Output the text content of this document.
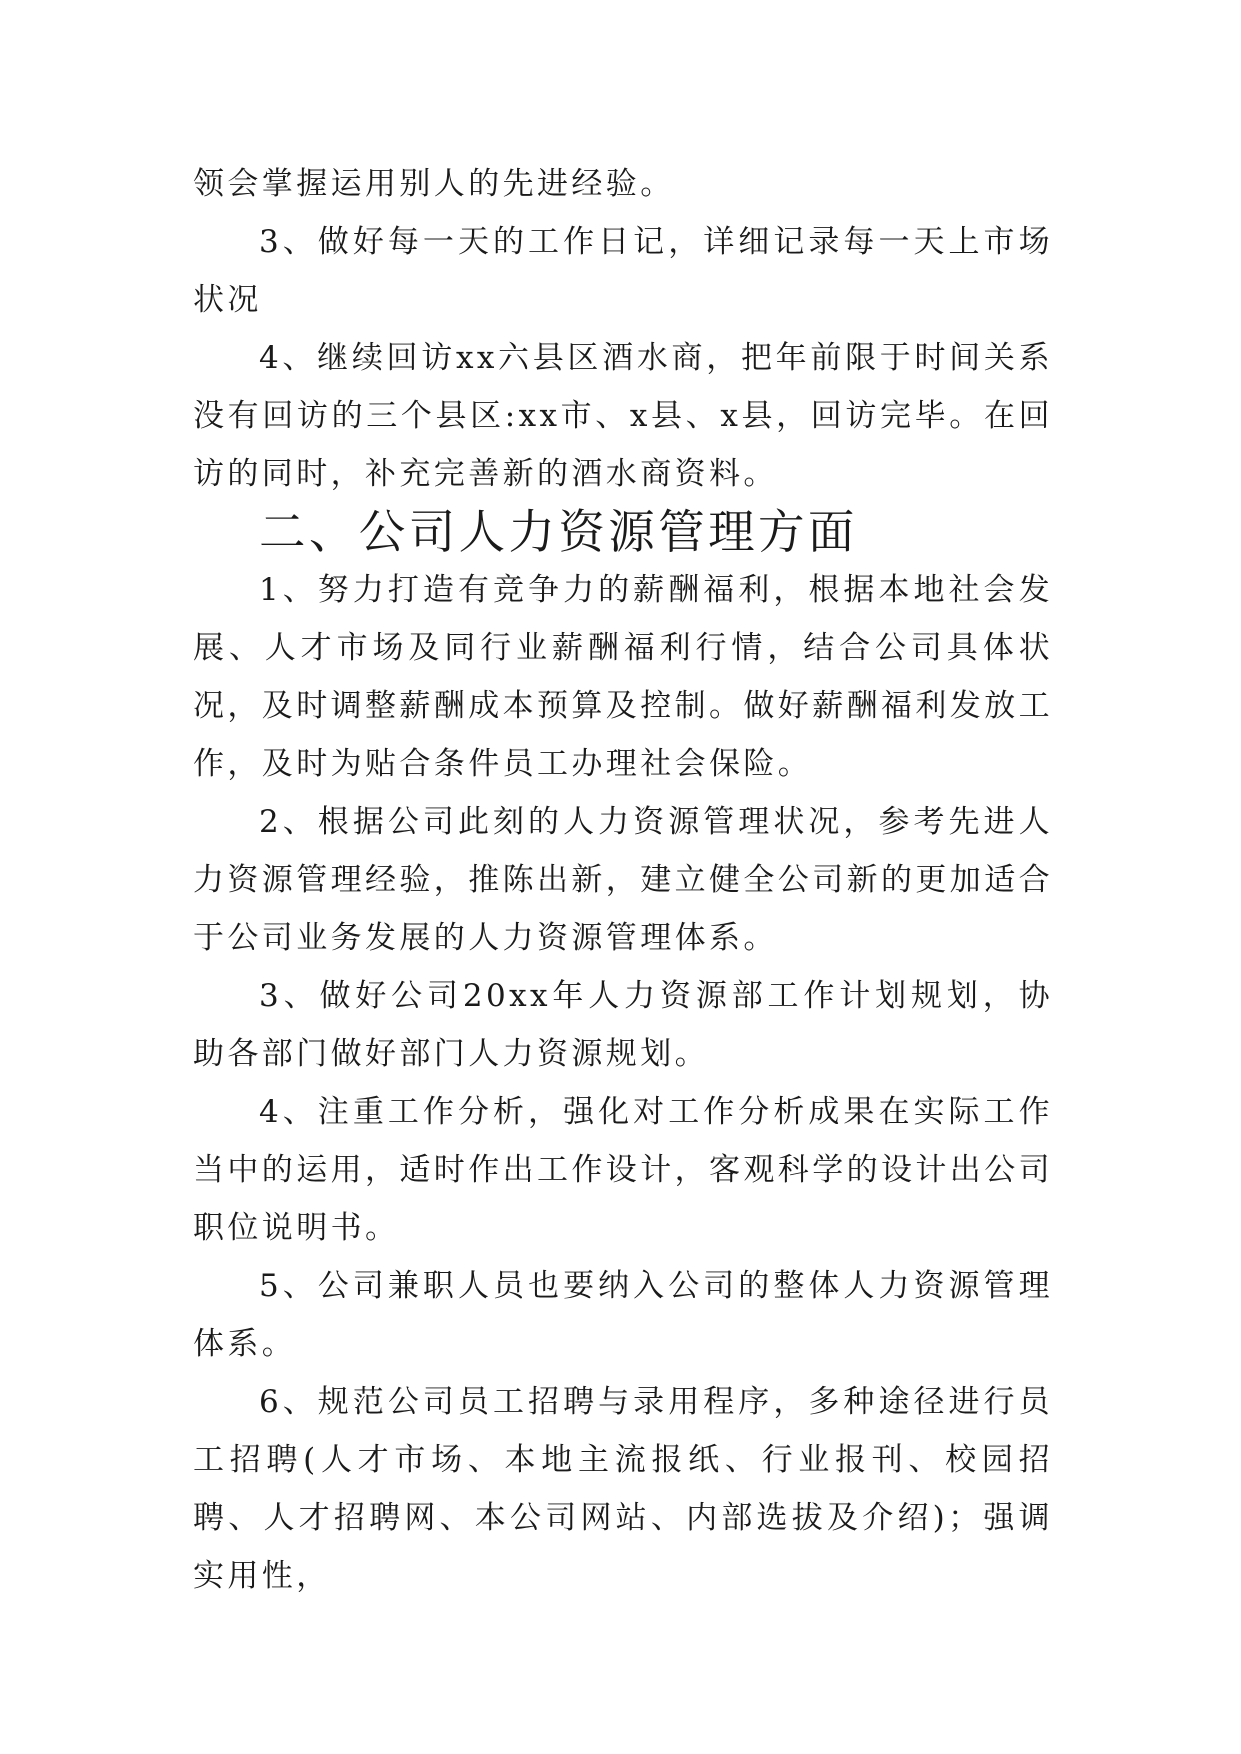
领会掌握运用别人的先进经验。

3、做好每一天的工作日记，详细记录每一天上市场状况

4、继续回访xx六县区酒水商，把年前限于时间关系没有回访的三个县区:xx市、x县、x县，回访完毕。在回访的同时，补充完善新的酒水商资料。

二、公司人力资源管理方面

1、努力打造有竞争力的薪酬福利，根据本地社会发展、人才市场及同行业薪酬福利行情，结合公司具体状况，及时调整薪酬成本预算及控制。做好薪酬福利发放工作，及时为贴合条件员工办理社会保险。

2、根据公司此刻的人力资源管理状况，参考先进人力资源管理经验，推陈出新，建立健全公司新的更加适合于公司业务发展的人力资源管理体系。

3、做好公司20xx年人力资源部工作计划规划，协助各部门做好部门人力资源规划。

4、注重工作分析，强化对工作分析成果在实际工作当中的运用，适时作出工作设计，客观科学的设计出公司职位说明书。

5、公司兼职人员也要纳入公司的整体人力资源管理体系。

6、规范公司员工招聘与录用程序，多种途径进行员工招聘(人才市场、本地主流报纸、行业报刊、校园招聘、人才招聘网、本公司网站、内部选拔及介绍)；强调实用性，
